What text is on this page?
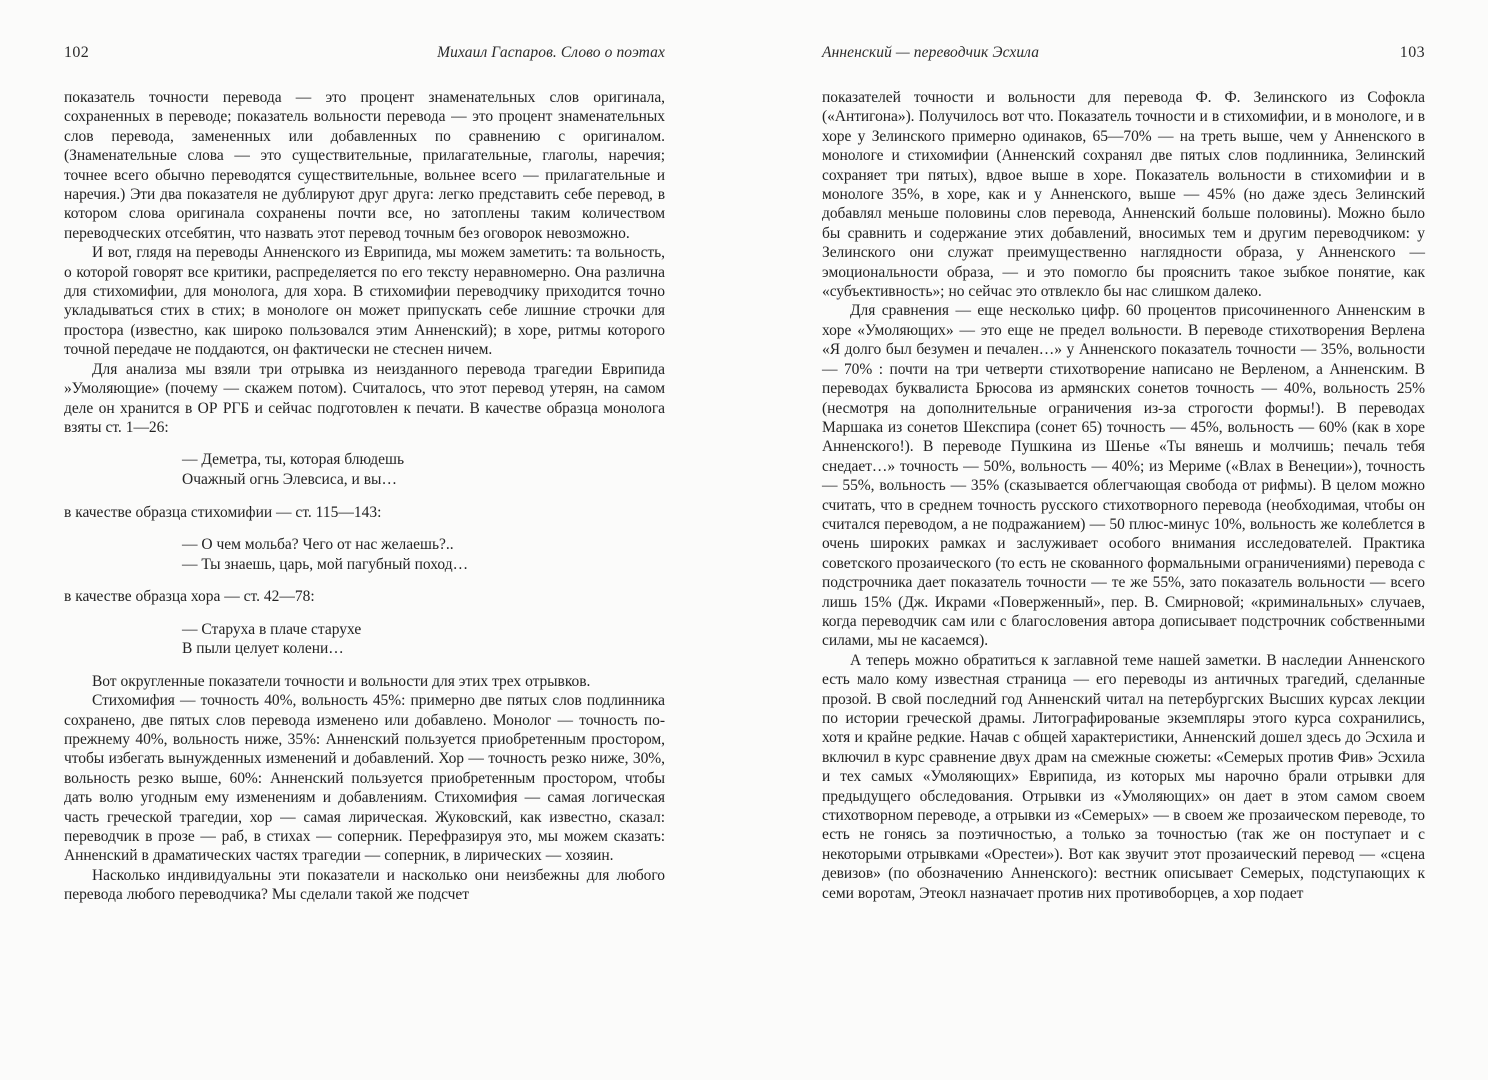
102	Михаил Гаспаров. Слово о поэтах

показатель точности перевода — это процент знаменательных слов оригинала, сохраненных в переводе; показатель вольности перевода — это процент знаменательных слов перевода, замененных или добавленных по сравнению с оригиналом. (Знаменательные слова — это существительные, прилагательные, глаголы, наречия; точнее всего обычно переводятся существительные, вольнее всего — прилагательные и наречия.) Эти два показателя не дублируют друг друга: легко представить себе перевод, в котором слова оригинала сохранены почти все, но затоплены таким количеством переводческих отсебятин, что назвать этот перевод точным без оговорок невозможно.

И вот, глядя на переводы Анненского из Еврипида, мы можем заметить: та вольность, о которой говорят все критики, распределяется по его тексту неравномерно. Она различна для стихомифии, для монолога, для хора. В стихомифии переводчику приходится точно укладываться стих в стих; в монологе он может припускать себе лишние строчки для простора (известно, как широко пользовался этим Анненский); в хоре, ритмы которого точной передаче не поддаются, он фактически не стеснен ничем.

Для анализа мы взяли три отрывка из неизданного перевода трагедии Еврипида »Умоляющие» (почему — скажем потом). Считалось, что этот перевод утерян, на самом деле он хранится в ОР РГБ и сейчас подготовлен к печати. В качестве образца монолога взяты ст. 1—26:

— Деметра, ты, которая блюдешь
Очажный огнь Элевсиса, и вы…

в качестве образца стихомифии — ст. 115—143:

— О чем мольба? Чего от нас желаешь?..
— Ты знаешь, царь, мой пагубный поход…

в качестве образца хора — ст. 42—78:

— Старуха в плаче старухе
В пыли целует колени…

Вот округленные показатели точности и вольности для этих трех отрывков.

Стихомифия — точность 40%, вольность 45%: примерно две пятых слов подлинника сохранено, две пятых слов перевода изменено или добавлено. Монолог — точность по-прежнему 40%, вольность ниже, 35%: Анненский пользуется приобретенным простором, чтобы избегать вынужденных изменений и добавлений. Хор — точность резко ниже, 30%, вольность резко выше, 60%: Анненский пользуется приобретенным простором, чтобы дать волю угодным ему изменениям и добавлениям. Стихомифия — самая логическая часть греческой трагедии, хор — самая лирическая. Жуковский, как известно, сказал: переводчик в прозе — раб, в стихах — соперник. Перефразируя это, мы можем сказать: Анненский в драматических частях трагедии — соперник, в лирических — хозяин.

Насколько индивидуальны эти показатели и насколько они неизбежны для любого перевода любого переводчика? Мы сделали такой же подсчет

Анненский — переводчик Эсхила	103

показателей точности и вольности для перевода Ф. Ф. Зелинского из Софокла («Антигона»). Получилось вот что. Показатель точности и в стихомифии, и в монологе, и в хоре у Зелинского примерно одинаков, 65—70% — на треть выше, чем у Анненского в монологе и стихомифии (Анненский сохранял две пятых слов подлинника, Зелинский сохраняет три пятых), вдвое выше в хоре. Показатель вольности в стихомифии и в монологе 35%, в хоре, как и у Анненского, выше — 45% (но даже здесь Зелинский добавлял меньше половины слов перевода, Анненский больше половины). Можно было бы сравнить и содержание этих добавлений, вносимых тем и другим переводчиком: у Зелинского они служат преимущественно наглядности образа, у Анненского — эмоциональности образа, — и это помогло бы прояснить такое зыбкое понятие, как «субъективность»; но сейчас это отвлекло бы нас слишком далеко.

Для сравнения — еще несколько цифр. 60 процентов присочиненного Анненским в хоре «Умоляющих» — это еще не предел вольности. В переводе стихотворения Верлена «Я долго был безумен и печален…» у Анненского показатель точности — 35%, вольности — 70% : почти на три четверти стихотворение написано не Верленом, а Анненским. В переводах буквалиста Брюсова из армянских сонетов точность — 40%, вольность 25% (несмотря на дополнительные ограничения из-за строгости формы!). В переводах Маршака из сонетов Шекспира (сонет 65) точность — 45%, вольность — 60% (как в хоре Анненского!). В переводе Пушкина из Шенье «Ты вянешь и молчишь; печаль тебя снедает…» точность — 50%, вольность — 40%; из Мериме («Влах в Венеции»), точность — 55%, вольность — 35% (сказывается облегчающая свобода от рифмы). В целом можно считать, что в среднем точность русского стихотворного перевода (необходимая, чтобы он считался переводом, а не подражанием) — 50 плюс-минус 10%, вольность же колеблется в очень широких рамках и заслуживает особого внимания исследователей. Практика советского прозаического (то есть не скованного формальными ограничениями) перевода с подстрочника дает показатель точности — те же 55%, зато показатель вольности — всего лишь 15% (Дж. Икрами «Поверженный», пер. В. Смирновой; «криминальных» случаев, когда переводчик сам или с благословения автора дописывает подстрочник собственными силами, мы не касаемся).

А теперь можно обратиться к заглавной теме нашей заметки. В наследии Анненского есть мало кому известная страница — его переводы из античных трагедий, сделанные прозой. В свой последний год Анненский читал на петербургских Высших курсах лекции по истории греческой драмы. Литографированые экземпляры этого курса сохранились, хотя и крайне редкие. Начав с общей характеристики, Анненский дошел здесь до Эсхила и включил в курс сравнение двух драм на смежные сюжеты: «Семерых против Фив» Эсхила и тех самых «Умоляющих» Еврипида, из которых мы нарочно брали отрывки для предыдущего обследования. Отрывки из «Умоляющих» он дает в этом самом своем стихотворном переводе, а отрывки из «Семерых» — в своем же прозаическом переводе, то есть не гонясь за поэтичностью, а только за точностью (так же он поступает и с некоторыми отрывками «Орестеи»). Вот как звучит этот прозаический перевод — «сцена девизов» (по обозначению Анненского): вестник описывает Семерых, подступающих к семи воротам, Этеокл назначает против них противоборцев, а хор подает
